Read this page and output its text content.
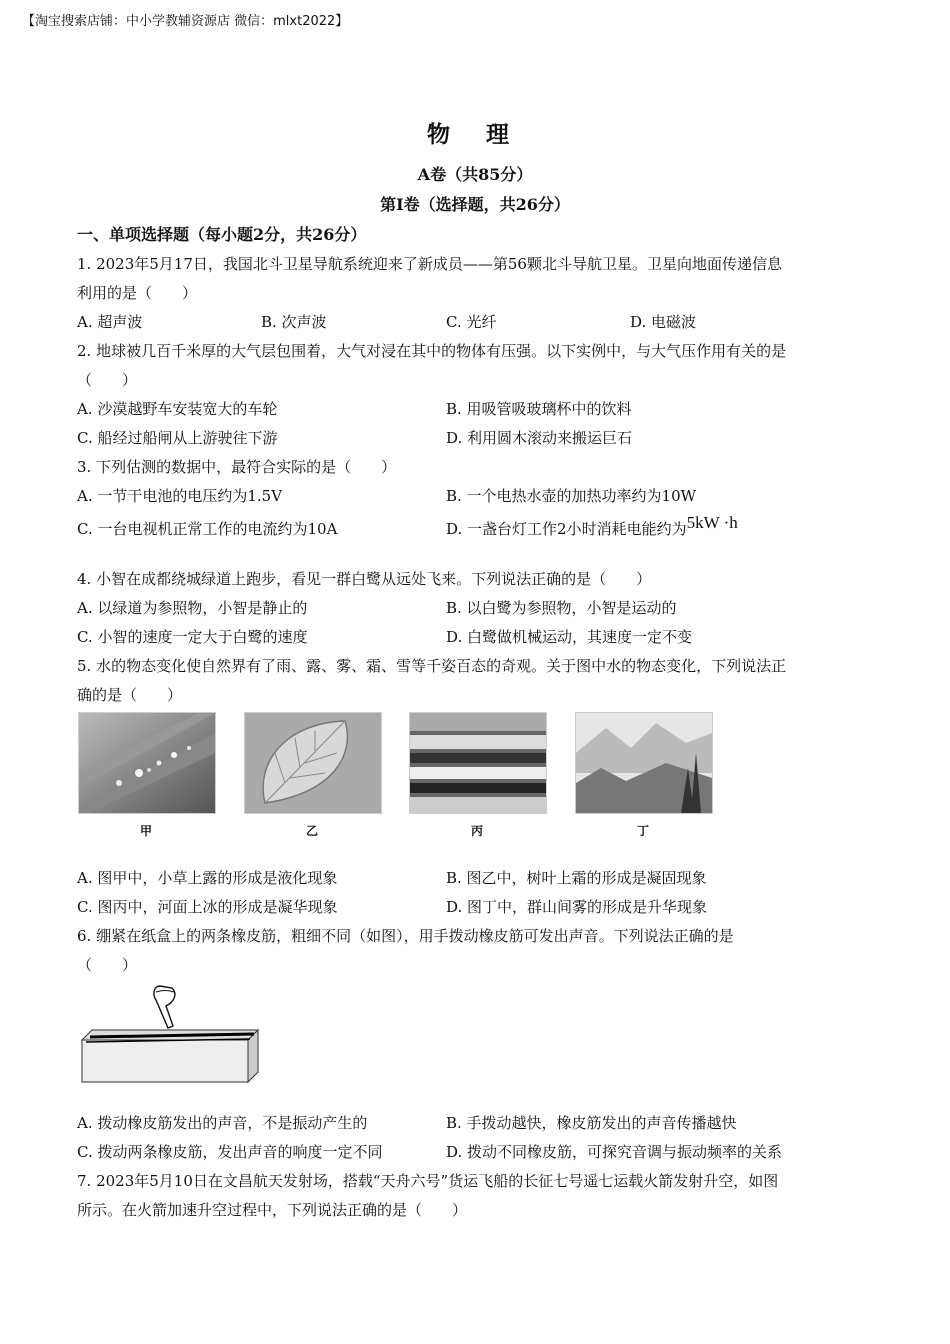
【淘宝搜索店铺：中小学教辅资源店 微信：mlxt2022】
物 理
A卷（共85分）
第Ⅰ卷（选择题，共26分）
一、单项选择题（每小题2分，共26分）
1. 2023年5月17日，我国北斗卫星导航系统迎来了新成员——第56颗北斗导航卫星。卫星向地面传递信息
利用的是（　　）
A. 超声波	B. 次声波	C. 光纤	D. 电磁波
2. 地球被几百千米厚的大气层包围着，大气对浸在其中的物体有压强。以下实例中，与大气压作用有关的是
（　　）
A. 沙漠越野车安装宽大的车轮	B. 用吸管吸玻璃杯中的饮料
C. 船经过船闸从上游驶往下游	D. 利用圆木滚动来搬运巨石
3. 下列估测的数据中，最符合实际的是（　　）
A. 一节干电池的电压约为1.5V	B. 一个电热水壶的加热功率约为10W
C. 一台电视机正常工作的电流约为10A	D. 一盏台灯工作2小时消耗电能约为5kW ·h
4. 小智在成都绕城绿道上跑步，看见一群白鹭从远处飞来。下列说法正确的是（　　）
A. 以绿道为参照物，小智是静止的	B. 以白鹭为参照物，小智是运动的
C. 小智的速度一定大于白鹭的速度	D. 白鹭做机械运动，其速度一定不变
5. 水的物态变化使自然界有了雨、露、雾、霜、雪等千姿百态的奇观。关于图中水的物态变化，下列说法正
确的是（　　）
甲	乙	丙	丁
A. 图甲中，小草上露的形成是液化现象	B. 图乙中，树叶上霜的形成是凝固现象
C. 图丙中，河面上冰的形成是凝华现象	D. 图丁中，群山间雾的形成是升华现象
6. 绷紧在纸盒上的两条橡皮筋，粗细不同（如图），用手拨动橡皮筋可发出声音。下列说法正确的是
（　　）
A. 拨动橡皮筋发出的声音，不是振动产生的	B. 手拨动越快，橡皮筋发出的声音传播越快
C. 拨动两条橡皮筋，发出声音的响度一定不同	D. 拨动不同橡皮筋，可探究音调与振动频率的关系
7. 2023年5月10日在文昌航天发射场，搭载“天舟六号”货运飞船的长征七号遥七运载火箭发射升空，如图
所示。在火箭加速升空过程中，下列说法正确的是（　　）
